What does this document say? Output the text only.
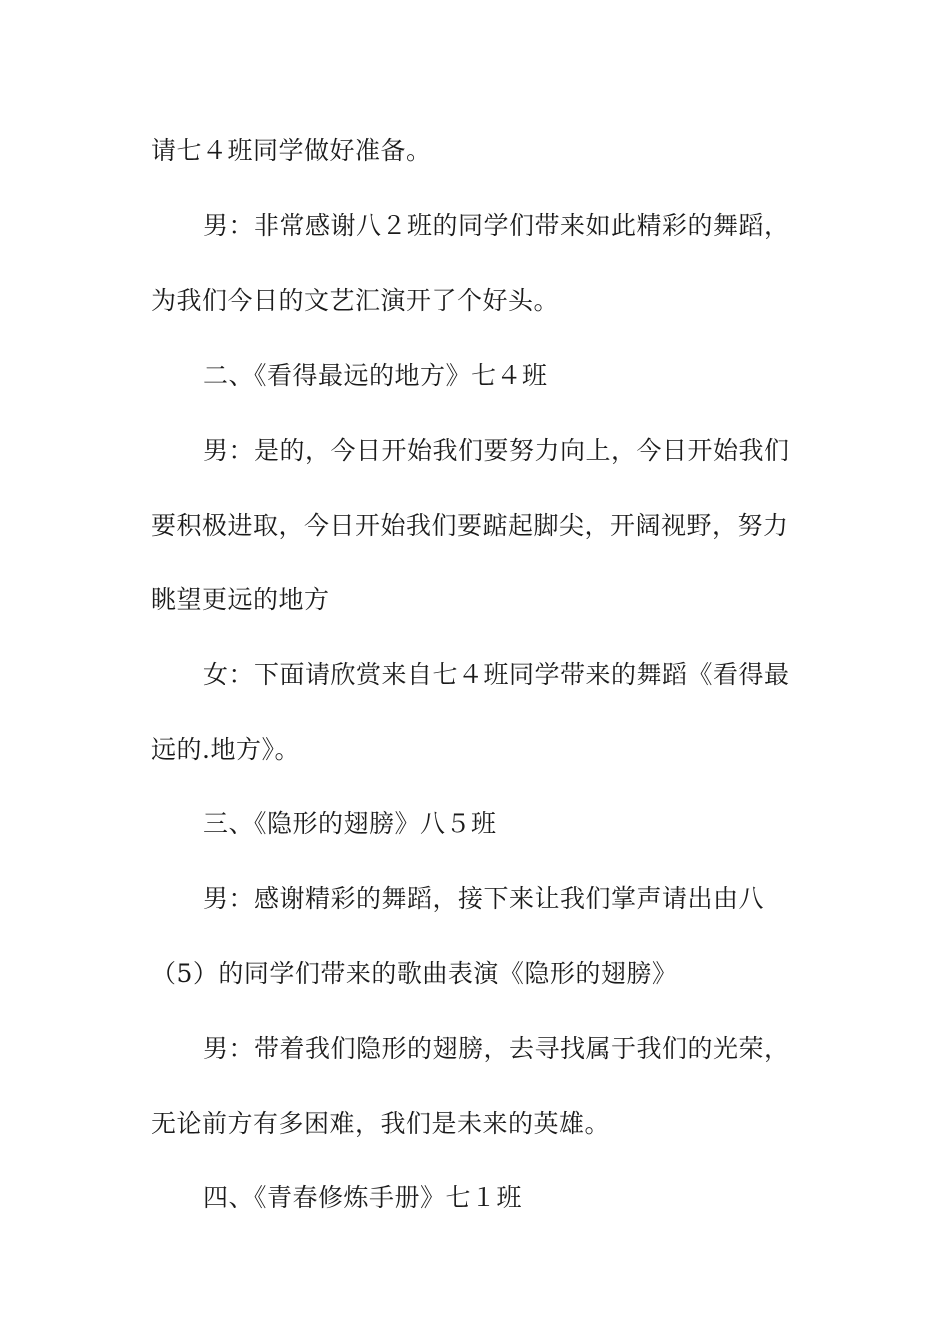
请七４班同学做好准备。

男：非常感谢八２班的同学们带来如此精彩的舞蹈，

为我们今日的文艺汇演开了个好头。

二、《看得最远的地方》七４班

男：是的，今日开始我们要努力向上，今日开始我们

要积极进取，今日开始我们要踮起脚尖，开阔视野，努力

眺望更远的地方

女：下面请欣赏来自七４班同学带来的舞蹈《看得最

远的.地方》。

三、《隐形的翅膀》八５班

男：感谢精彩的舞蹈，接下来让我们掌声请出由八

（5）的同学们带来的歌曲表演《隐形的翅膀》

男：带着我们隐形的翅膀，去寻找属于我们的光荣，

无论前方有多困难，我们是未来的英雄。

四、《青春修炼手册》七１班
